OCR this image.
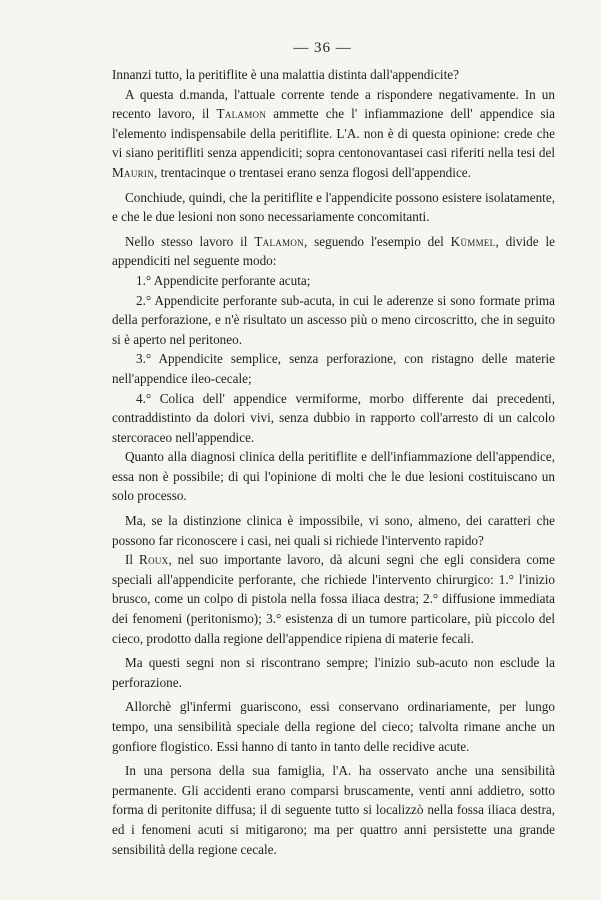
— 36 —

Innanzi tutto, la peritiflite è una malattia distinta dall'appendicite?

A questa d.manda, l'attuale corrente tende a rispondere negativamente. In un recento lavoro, il Talamon ammette che l' infiammazione dell' appendice sia l'elemento indispensabile della peritiflite. L'A. non è di questa opinione: crede che vi siano peritifliti senza appendiciti; sopra centonovantasei casi riferiti nella tesi del Maurin, trentacinque o trentasei erano senza flogosi dell'appendice.

Conchiude, quindi, che la peritiflite e l'appendicite possono esistere isolatamente, e che le due lesioni non sono necessariamente concomitanti.

Nello stesso lavoro il Talamon, seguendo l'esempio del Kümmel, divide le appendiciti nel seguente modo:

1.° Appendicite perforante acuta;

2.° Appendicite perforante sub-acuta, in cui le aderenze si sono formate prima della perforazione, e n'è risultato un ascesso più o meno circoscritto, che in seguito si è aperto nel peritoneo.

3.° Appendicite semplice, senza perforazione, con ristagno delle materie nell'appendice ileo-cecale;

4.° Colica dell' appendice vermiforme, morbo differente dai precedenti, contraddistinto da dolori vivi, senza dubbio in rapporto coll'arresto di un calcolo stercoraceo nell'appendice.

Quanto alla diagnosi clinica della peritiflite e dell'infiammazione dell'appendice, essa non è possibile; di qui l'opinione di molti che le due lesioni costituiscano un solo processo.

Ma, se la distinzione clinica è impossibile, vi sono, almeno, dei caratteri che possono far riconoscere i casi, nei quali si richiede l'intervento rapido?

Il Roux, nel suo importante lavoro, dà alcuni segni che egli considera come speciali all'appendicite perforante, che richiede l'intervento chirurgico: 1.° l'inizio brusco, come un colpo di pistola nella fossa iliaca destra; 2.° diffusione immediata dei fenomeni (peritonismo); 3.° esistenza di un tumore particolare, più piccolo del cieco, prodotto dalla regione dell'appendice ripiena di materie fecali.

Ma questi segni non si riscontrano sempre; l'inizio sub-acuto non esclude la perforazione.

Allorchè gl'infermi guariscono, essi conservano ordinariamente, per lungo tempo, una sensibilità speciale della regione del cieco; talvolta rimane anche un gonfiore flogistico. Essi hanno di tanto in tanto delle recidive acute.

In una persona della sua famiglia, l'A. ha osservato anche una sensibilità permanente. Gli accidenti erano comparsi bruscamente, venti anni addietro, sotto forma di peritonite diffusa; il di seguente tutto si localizzò nella fossa iliaca destra, ed i fenomeni acuti si mitigarono; ma per quattro anni persistette una grande sensibilità della regione cecale.
